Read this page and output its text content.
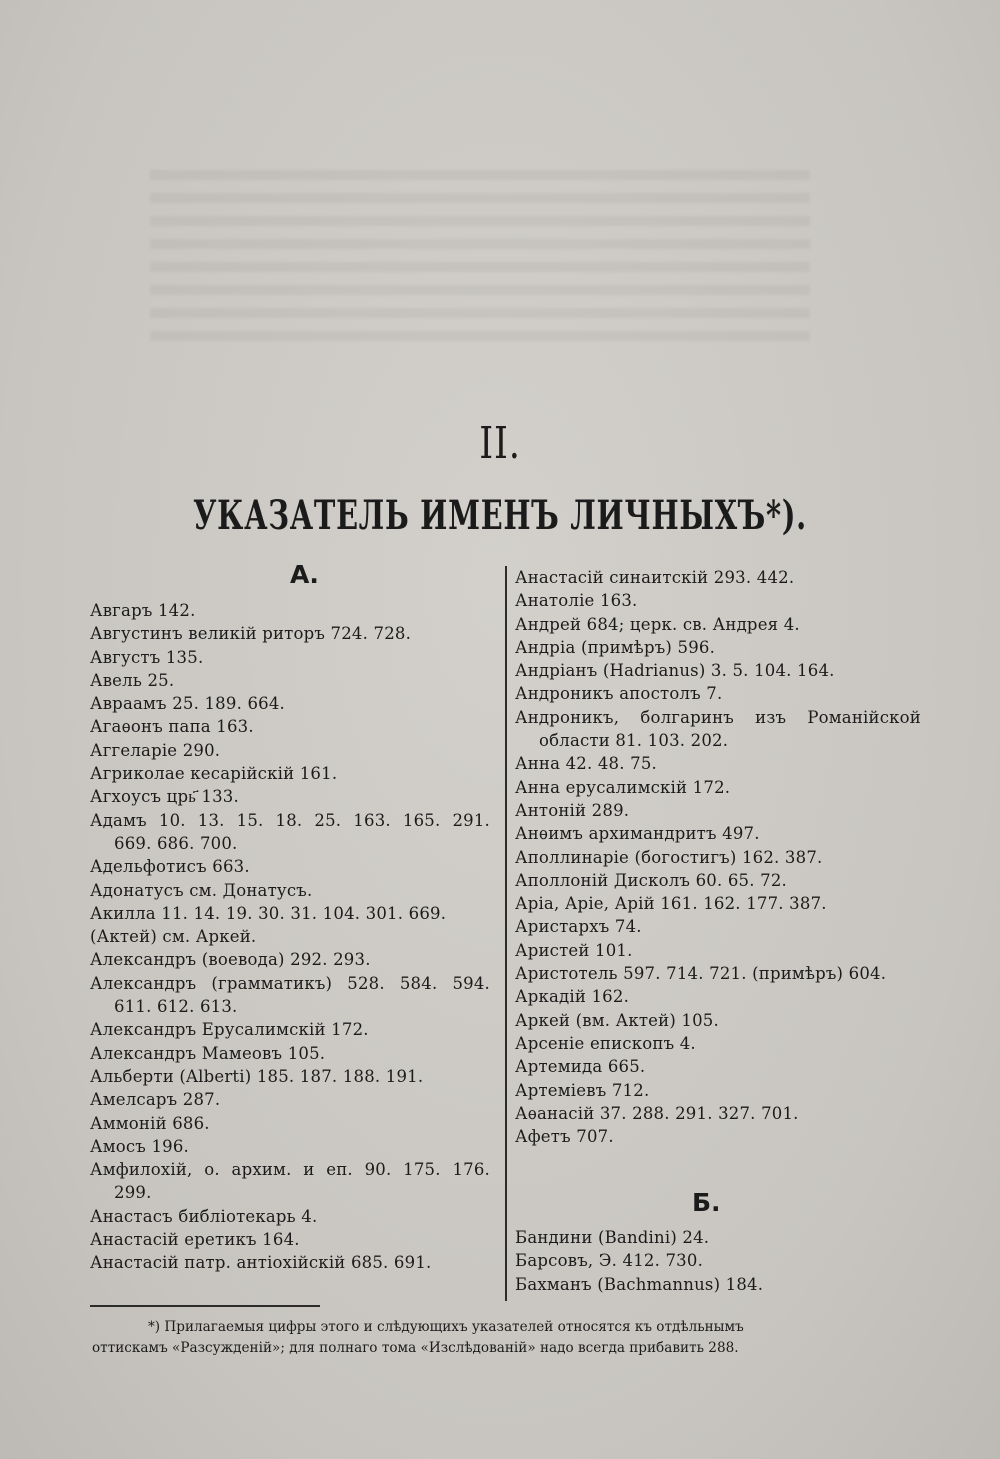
II.
УКАЗАТЕЛЬ ИМЕНЪ ЛИЧНЫХЪ*).
А.
Авгаръ 142.
Августинъ великій риторъ 724. 728.
Августъ 135.
Авель 25.
Авраамъ 25. 189. 664.
Агаѳонъ папа 163.
Аггеларіе 290.
Агриколае кесарійскій 161.
Агхоусъ црь҃ 133.
Адамъ 10. 13. 15. 18. 25. 163. 165. 291.
669. 686. 700.
Адельфотисъ 663.
Адонатусъ см. Донатусъ.
Акилла 11. 14. 19. 30. 31. 104. 301. 669.
(Актей) см. Аркей.
Александръ (воевода) 292. 293.
Александръ (грамматикъ) 528. 584. 594.
611. 612. 613.
Александръ Ерусалимскій 172.
Александръ Мамеовъ 105.
Альберти (Alberti) 185. 187. 188. 191.
Амелсаръ 287.
Аммоній 686.
Амосъ 196.
Амфилохій, о. архим. и еп. 90. 175. 176.
299.
Анастасъ библіотекарь 4.
Анастасій еретикъ 164.
Анастасій патр. антіохійскій 685. 691.
Анастасій синаитскій 293. 442.
Анатоліе 163.
Андрей 684; церк. св. Андрея 4.
Андріа (примѣръ) 596.
Андріанъ (Hadrianus) 3. 5. 104. 164.
Андроникъ апостолъ 7.
Андроникъ, болгаринъ изъ Романійской
области 81. 103. 202.
Анна 42. 48. 75.
Анна ерусалимскій 172.
Антоній 289.
Анѳимъ архимандритъ 497.
Аполлинаріе (богостигъ) 162. 387.
Аполлоній Дисколъ 60. 65. 72.
Аріа, Аріе, Арій 161. 162. 177. 387.
Аристархъ 74.
Аристей 101.
Аристотель 597. 714. 721. (примѣръ) 604.
Аркадій 162.
Аркей (вм. Актей) 105.
Арсеніе епископъ 4.
Артемида 665.
Артеміевъ 712.
Аѳанасій 37. 288. 291. 327. 701.
Афетъ 707.
Б.
Бандини (Bandini) 24.
Барсовъ, Э. 412. 730.
Бахманъ (Bachmannus) 184.
*) Прилагаемыя цифры этого и слѣдующихъ указателей относятся къ отдѣльнымъ
оттискамъ «Разсужденій»; для полнаго тома «Изслѣдованій» надо всегда прибавить 288.
